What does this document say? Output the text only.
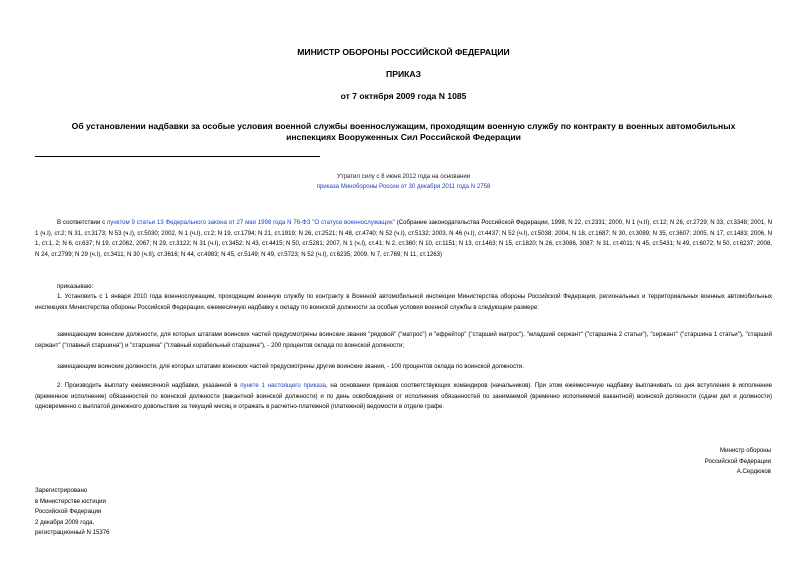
МИНИСТР ОБОРОНЫ РОССИЙСКОЙ ФЕДЕРАЦИИ
ПРИКАЗ
от 7 октября 2009 года N 1085
Об установлении надбавки за особые условия военной службы военнослужащим, проходящим военную службу по контракту в военных автомобильных инспекциях Вооруженных Сил Российской Федерации
Утратил силу с 8 июня 2012 года на основании
приказа Минобороны России от 30 декабря 2011 года N 2758
В соответствии с пунктом 9 статьи 13 Федерального закона от 27 мая 1998 года N 76-ФЗ "О статусе военнослужащих" (Собрание законодательства Российской Федерации, 1998, N 22, ст.2331; 2000, N 1 (ч.II), ст.12; N 26, ст.2729; N 33, ст.3348; 2001, N 1 (ч.I), ст.2; N 31, ст.3173; N 53 (ч.I), ст.5030; 2002, N 1 (ч.I), ст.2; N 19, ст.1794; N 21, ст.1919; N 26, ст.2521; N 48, ст.4740; N 52 (ч.I), ст.5132; 2003, N 46 (ч.I), ст.4437; N 52 (ч.I), ст.5038; 2004, N 18, ст.1687; N 30, ст.3089; N 35, ст.3607; 2005, N 17, ст.1483; 2006, N 1, ст.1, 2; N 6, ст.637; N 19, ст.2062, 2067; N 29, ст.3122; N 31 (ч.I), ст.3452; N 43, ст.4415; N 50, ст.5281; 2007, N 1 (ч.I), ст.41; N 2, ст.360; N 10, ст.1151; N 13, ст.1463; N 15, ст.1820; N 26, ст.3086, 3087; N 31, ст.4011; N 45, ст.5431; N 49, ст.6072; N 50, ст.6237; 2008, N 24, ст.2799; N 29 (ч.I), ст.3411; N 30 (ч.II), ст.3616; N 44, ст.4983; N 45, ст.5149; N 49, ст.5723; N 52 (ч.I), ст.6235; 2009, N 7, ст.769; N 11, ст.1263)
приказываю:
1. Установить с 1 января 2010 года военнослужащим, проходящим военную службу по контракту в Военной автомобильной инспекции Министерства обороны Российской Федерации, региональных и территориальных военных автомобильных инспекциях Министерства обороны Российской Федерации, ежемесячную надбавку к окладу по воинской должности за особые условия военной службы в следующем размере:
замещающим воинские должности, для которых штатами воинских частей предусмотрены воинские звания "рядовой" ("матрос") и "ефрейтор" ("старший матрос"), "младший сержант" ("старшина 2 статьи"), "сержант" ("старшина 1 статьи"), "старший сержант" ("главный старшина") и "старшина" ("главный корабельный старшина"), - 200 процентов оклада по воинской должности;
замещающим воинские должности, для которых штатами воинских частей предусмотрены другие воинские звания, - 100 процентов оклада по воинской должности.
2. Производить выплату ежемесячной надбавки, указанной в пункте 1 настоящего приказа, на основании приказов соответствующих командиров (начальников). При этом ежемесячную надбавку выплачивать со дня вступления в исполнение (временное исполнение) обязанностей по воинской должности (вакантной воинской должности) и по день освобождения от исполнения обязанностей по занимаемой (временно исполняемой вакантной) воинской должности (сдачи дел и должности) одновременно с выплатой денежного довольствия за текущий месяц и отражать в расчетно-платежной (платежной) ведомости в отделе графе.
Министр обороны
Российской Федерации
А.Сердюков
Зарегистрировано
в Министерстве юстиции
Российской Федерации
2 декабря 2009 года,
регистрационный N 15376
